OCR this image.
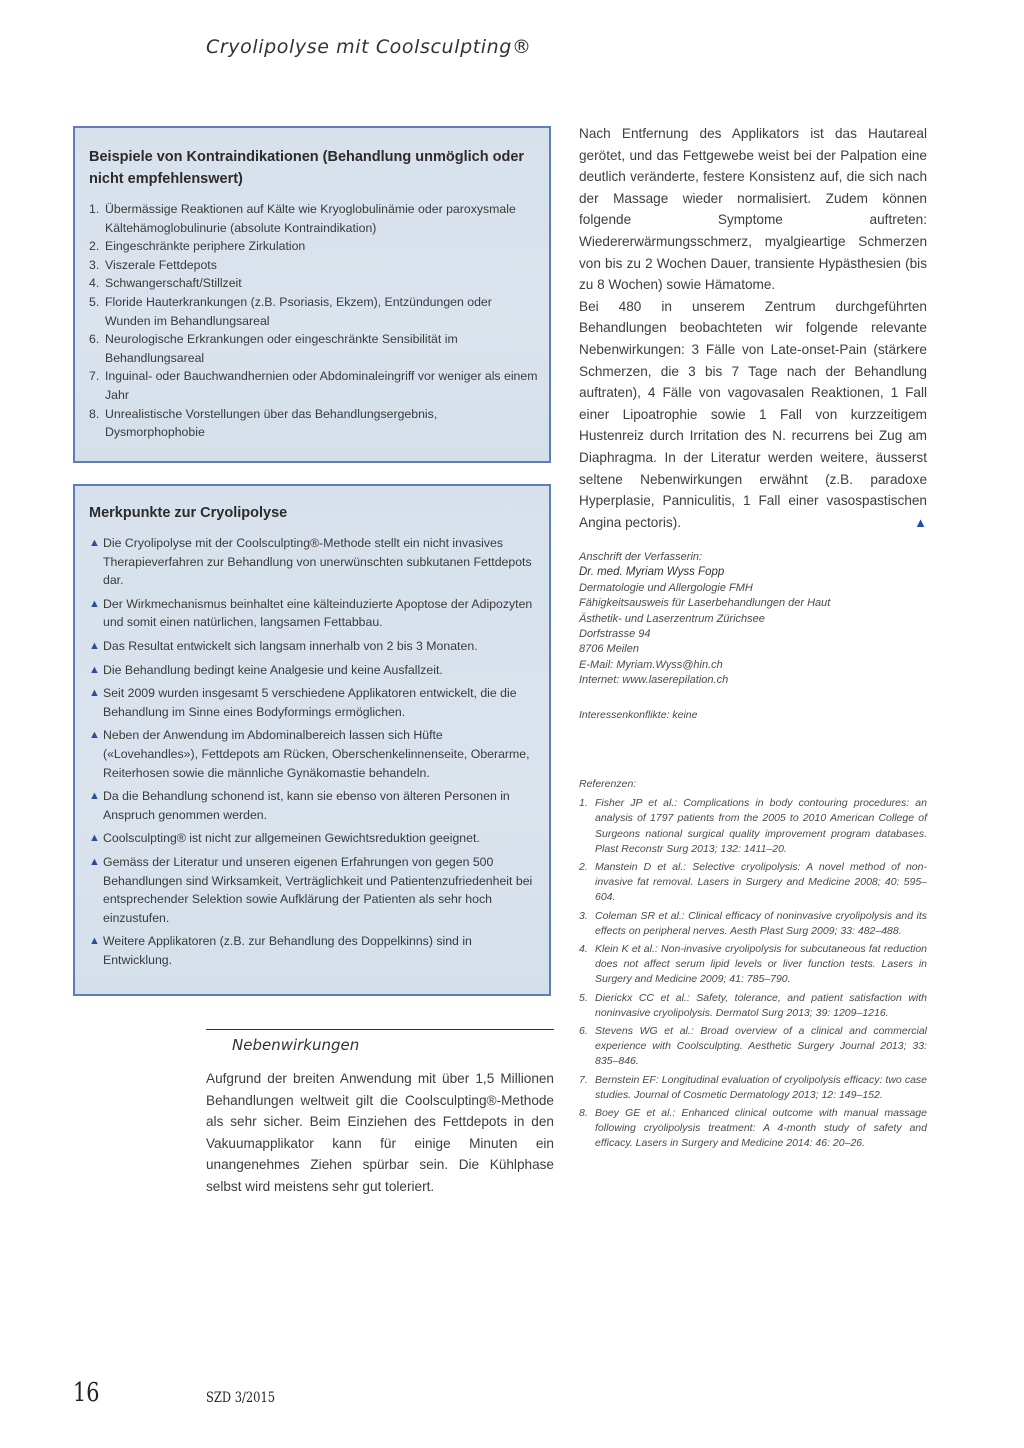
Cryolipolyse mit Coolsculpting®
Beispiele von Kontraindikationen (Behandlung unmöglich oder nicht empfehlenswert)
1. Übermässige Reaktionen auf Kälte wie Kryoglobulinämie oder paroxysmale Kältehämoglobulinurie (absolute Kontraindikation)
2. Eingeschränkte periphere Zirkulation
3. Viszerale Fettdepots
4. Schwangerschaft/Stillzeit
5. Floride Hauterkrankungen (z.B. Psoriasis, Ekzem), Entzündungen oder Wunden im Behandlungsareal
6. Neurologische Erkrankungen oder eingeschränkte Sensibilität im Behandlungsareal
7. Inguinal- oder Bauchwandhernien oder Abdominaleingriff vor weniger als einem Jahr
8. Unrealistische Vorstellungen über das Behandlungsergebnis, Dysmorphophobie
Merkpunkte zur Cryolipolyse
▲ Die Cryolipolyse mit der Coolsculpting®-Methode stellt ein nicht invasives Therapieverfahren zur Behandlung von unerwünschten subkutanen Fettdepots dar.
▲ Der Wirkmechanismus beinhaltet eine kälteinduzierte Apoptose der Adipozyten und somit einen natürlichen, langsamen Fettabbau.
▲ Das Resultat entwickelt sich langsam innerhalb von 2 bis 3 Monaten.
▲ Die Behandlung bedingt keine Analgesie und keine Ausfallzeit.
▲ Seit 2009 wurden insgesamt 5 verschiedene Applikatoren entwickelt, die die Behandlung im Sinne eines Bodyformings ermöglichen.
▲ Neben der Anwendung im Abdominalbereich lassen sich Hüfte («Lovehandles»), Fettdepots am Rücken, Oberschenkelinnenseite, Oberarme, Reiterhosen sowie die männliche Gynäkomastie behandeln.
▲ Da die Behandlung schonend ist, kann sie ebenso von älteren Personen in Anspruch genommen werden.
▲ Coolsculpting® ist nicht zur allgemeinen Gewichtsreduktion geeignet.
▲ Gemäss der Literatur und unseren eigenen Erfahrungen von gegen 500 Behandlungen sind Wirksamkeit, Verträglichkeit und Patientenzufriedenheit bei entsprechender Selektion sowie Aufklärung der Patienten als sehr hoch einzustufen.
▲ Weitere Applikatoren (z.B. zur Behandlung des Doppelkinns) sind in Entwicklung.

Nach Entfernung des Applikators ist das Hautareal gerötet, und das Fettgewebe weist bei der Palpation eine deutlich veränderte, festere Konsistenz auf, die sich nach der Massage wieder normalisiert. Zudem können folgende Symptome auftreten: Wiedererwärmungsschmerz, myalgieartige Schmerzen von bis zu 2 Wochen Dauer, transiente Hypästhesien (bis zu 8 Wochen) sowie Hämatome.

Bei 480 in unserem Zentrum durchgeführten Behandlungen beobachteten wir folgende relevante Nebenwirkungen: 3 Fälle von Late-onset-Pain (stärkere Schmerzen, die 3 bis 7 Tage nach der Behandlung auftraten), 4 Fälle von vagovasalen Reaktionen, 1 Fall einer Lipoatrophie sowie 1 Fall von kurzzeitigem Hustenreiz durch Irritation des N. recurrens bei Zug am Diaphragma. In der Literatur werden weitere, äusserst seltene Nebenwirkungen erwähnt (z.B. paradoxe Hyperplasie, Panniculitis, 1 Fall einer vasospastischen Angina pectoris).	▲

Anschrift der Verfasserin:
Dr. med. Myriam Wyss Fopp
Dermatologie und Allergologie FMH
Fähigkeitsausweis für Laserbehandlungen der Haut
Ästhetik- und Laserzentrum Zürichsee
Dorfstrasse 94
8706 Meilen
E-Mail: Myriam.Wyss@hin.ch
Internet: www.laserepilation.ch
Interessenkonflikte: keine
Referenzen:
1. Fisher JP et al.: Complications in body contouring procedures: an analysis of 1797 patients from the 2005 to 2010 American College of Surgeons national surgical quality improvement program databases. Plast Reconstr Surg 2013; 132: 1411–20.
2. Manstein D et al.: Selective cryolipolysis: A novel method of non-invasive fat removal. Lasers in Surgery and Medicine 2008; 40: 595–604.
3. Coleman SR et al.: Clinical efficacy of noninvasive cryolipolysis and its effects on peripheral nerves. Aesth Plast Surg 2009; 33: 482–488.
4. Klein K et al.: Non-invasive cryolipolysis for subcutaneous fat reduction does not affect serum lipid levels or liver function tests. Lasers in Surgery and Medicine 2009; 41: 785–790.
5. Dierickx CC et al.: Safety, tolerance, and patient satisfaction with noninvasive cryolipolysis. Dermatol Surg 2013; 39: 1209–1216.
6. Stevens WG et al.: Broad overview of a clinical and commercial experience with Coolsculpting. Aesthetic Surgery Journal 2013; 33: 835–846.
7. Bernstein EF: Longitudinal evaluation of cryolipolysis efficacy: two case studies. Journal of Cosmetic Dermatology 2013; 12: 149–152.
8. Boey GE et al.: Enhanced clinical outcome with manual massage following cryolipolysis treatment: A 4-month study of safety and efficacy. Lasers in Surgery and Medicine 2014: 46: 20–26.
Nebenwirkungen

Aufgrund der breiten Anwendung mit über 1,5 Millionen Behandlungen weltweit gilt die Coolsculpting®-Methode als sehr sicher. Beim Einziehen des Fettdepots in den Vakuumapplikator kann für einige Minuten ein unangenehmes Ziehen spürbar sein. Die Kühlphase selbst wird meistens sehr gut toleriert.

16	SZD 3/2015
